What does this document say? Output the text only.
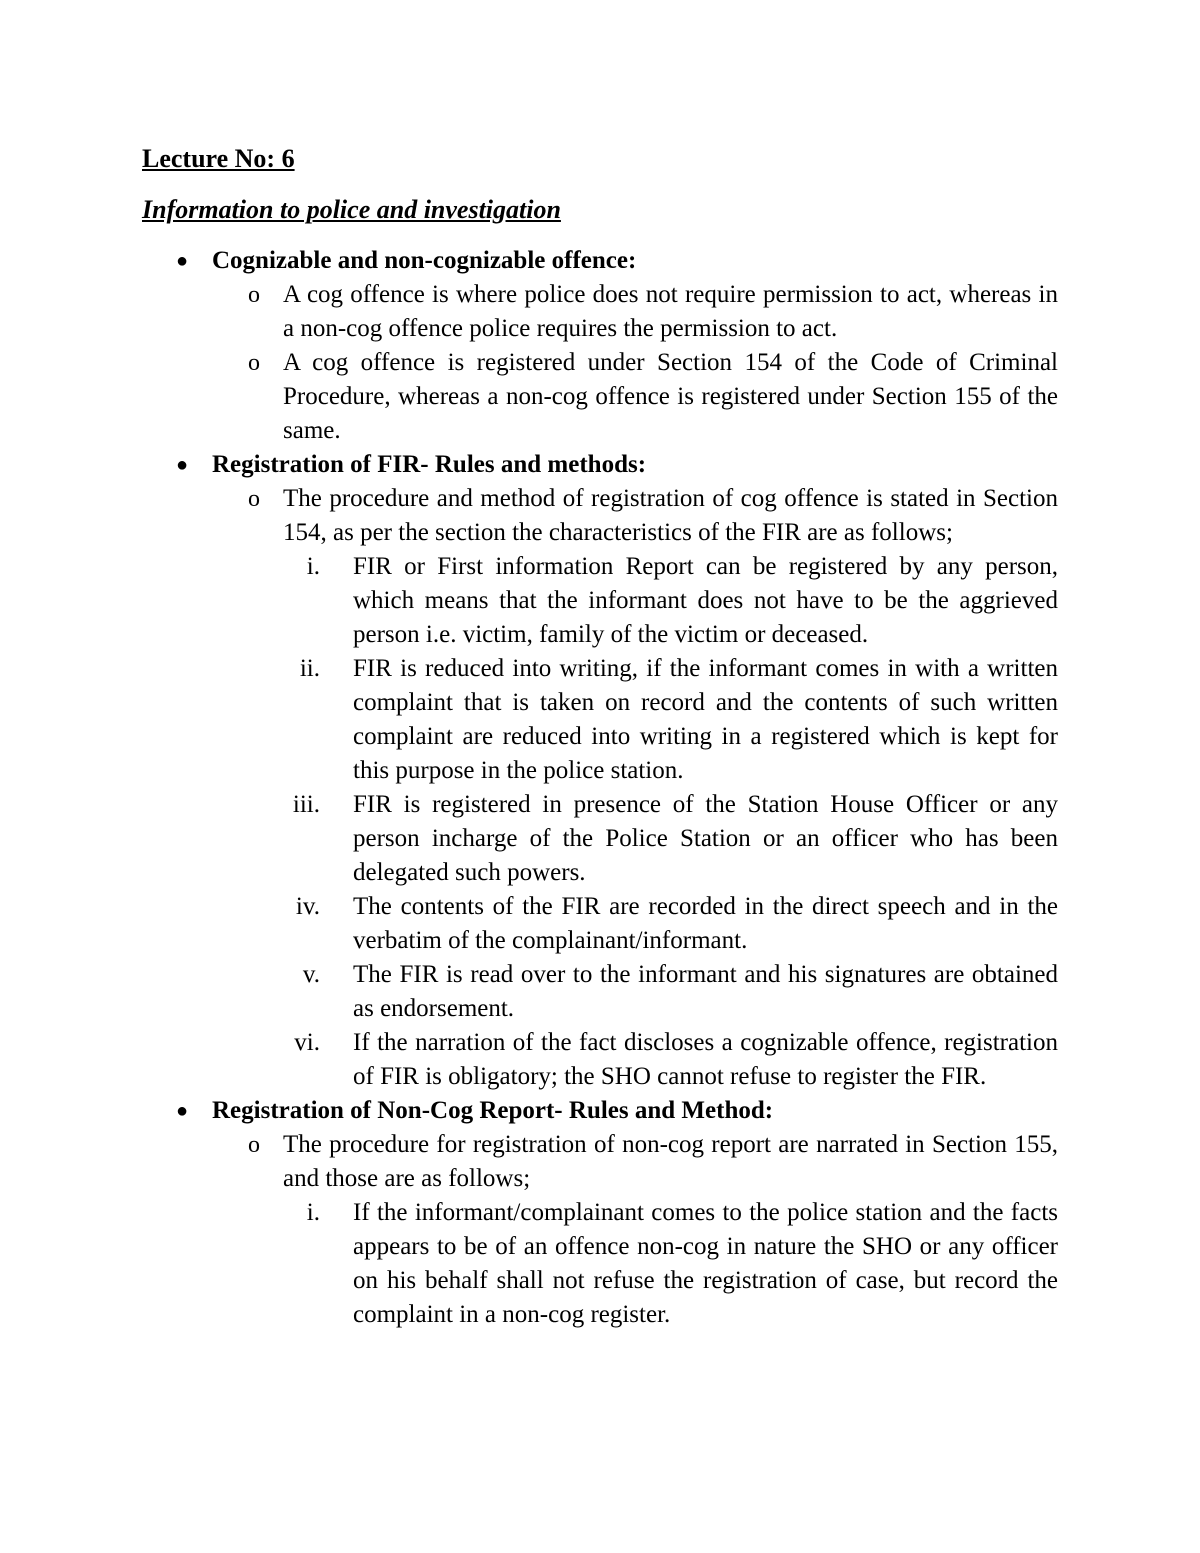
Lecture No: 6
Information to police and investigation
● Cognizable and non-cognizable offence:
o A cog offence is where police does not require permission to act, whereas in a non-cog offence police requires the permission to act.
o A cog offence is registered under Section 154 of the Code of Criminal Procedure, whereas a non-cog offence is registered under Section 155 of the same.
● Registration of FIR- Rules and methods:
o The procedure and method of registration of cog offence is stated in Section 154, as per the section the characteristics of the FIR are as follows;
i. FIR or First information Report can be registered by any person, which means that the informant does not have to be the aggrieved person i.e. victim, family of the victim or deceased.
ii. FIR is reduced into writing, if the informant comes in with a written complaint that is taken on record and the contents of such written complaint are reduced into writing in a registered which is kept for this purpose in the police station.
iii. FIR is registered in presence of the Station House Officer or any person incharge of the Police Station or an officer who has been delegated such powers.
iv. The contents of the FIR are recorded in the direct speech and in the verbatim of the complainant/informant.
v. The FIR is read over to the informant and his signatures are obtained as endorsement.
vi. If the narration of the fact discloses a cognizable offence, registration of FIR is obligatory; the SHO cannot refuse to register the FIR.
● Registration of Non-Cog Report- Rules and Method:
o The procedure for registration of non-cog report are narrated in Section 155, and those are as follows;
i. If the informant/complainant comes to the police station and the facts appears to be of an offence non-cog in nature the SHO or any officer on his behalf shall not refuse the registration of case, but record the complaint in a non-cog register.
